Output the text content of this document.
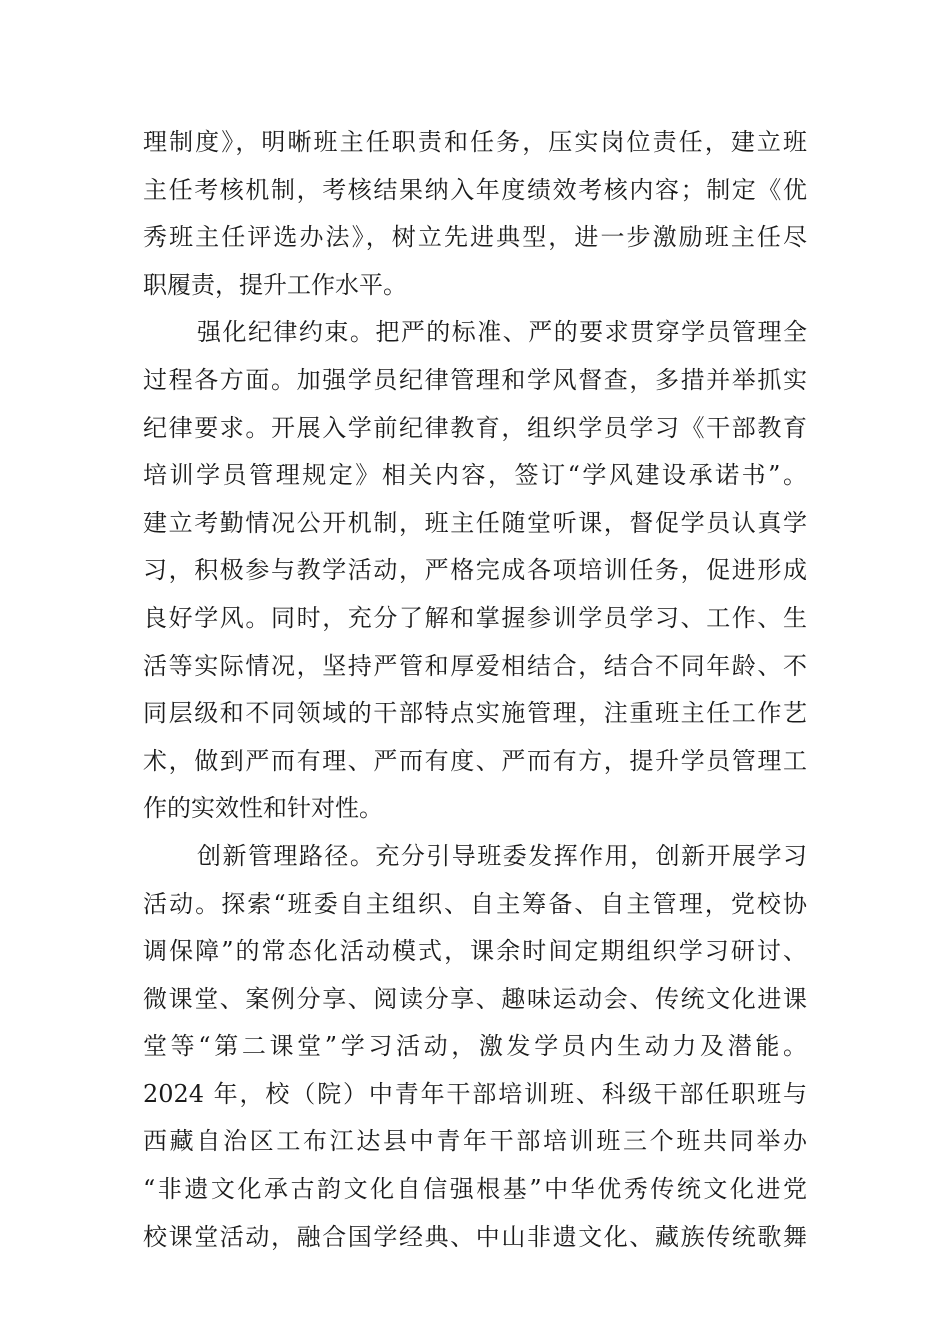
理制度》，明晰班主任职责和任务，压实岗位责任，建立班
主任考核机制，考核结果纳入年度绩效考核内容；制定《优
秀班主任评选办法》，树立先进典型，进一步激励班主任尽
职履责，提升工作水平。
强化纪律约束。把严的标准、严的要求贯穿学员管理全
过程各方面。加强学员纪律管理和学风督查，多措并举抓实
纪律要求。开展入学前纪律教育，组织学员学习《干部教育
培训学员管理规定》相关内容，签订“学风建设承诺书”。
建立考勤情况公开机制，班主任随堂听课，督促学员认真学
习，积极参与教学活动，严格完成各项培训任务，促进形成
良好学风。同时，充分了解和掌握参训学员学习、工作、生
活等实际情况，坚持严管和厚爱相结合，结合不同年龄、不
同层级和不同领域的干部特点实施管理，注重班主任工作艺
术，做到严而有理、严而有度、严而有方，提升学员管理工
作的实效性和针对性。
创新管理路径。充分引导班委发挥作用，创新开展学习
活动。探索“班委自主组织、自主筹备、自主管理，党校协
调保障”的常态化活动模式，课余时间定期组织学习研讨、
微课堂、案例分享、阅读分享、趣味运动会、传统文化进课
堂等“第二课堂”学习活动，激发学员内生动力及潜能。
2024 年，校（院）中青年干部培训班、科级干部任职班与
西藏自治区工布江达县中青年干部培训班三个班共同举办
“非遗文化承古韵文化自信强根基”中华优秀传统文化进党
校课堂活动，融合国学经典、中山非遗文化、藏族传统歌舞
